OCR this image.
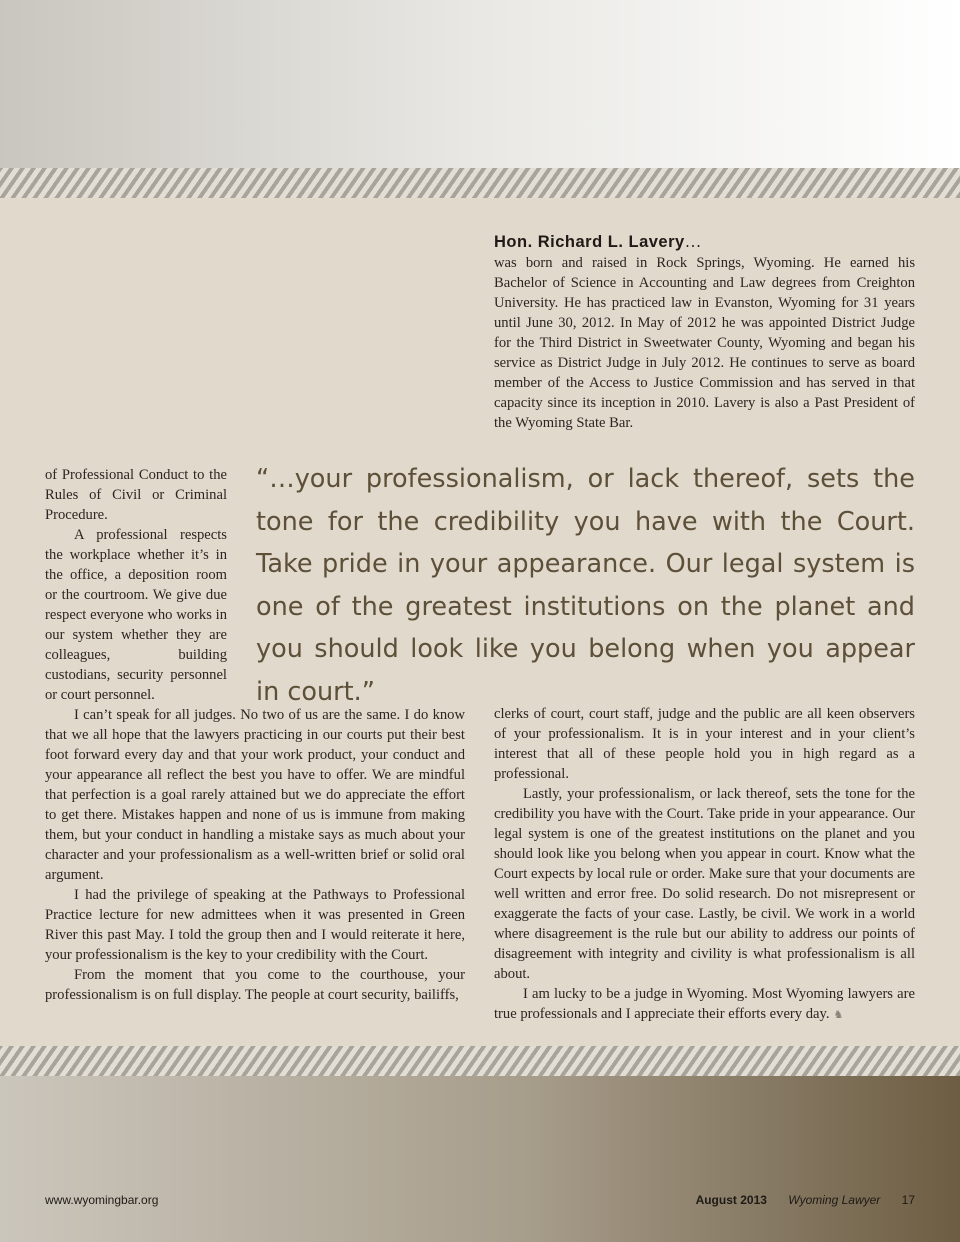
Hon. Richard L. Lavery…
was born and raised in Rock Springs, Wyoming. He earned his Bachelor of Science in Accounting and Law degrees from Creighton University. He has practiced law in Evanston, Wyoming for 31 years until June 30, 2012. In May of 2012 he was appointed District Judge for the Third District in Sweetwater County, Wyoming and began his service as District Judge in July 2012. He continues to serve as board member of the Access to Justice Commission and has served in that capacity since its inception in 2010. Lavery is also a Past President of the Wyoming State Bar.

of Professional Conduct to the Rules of Civil or Criminal Procedure.

A professional respects the workplace whether it’s in the office, a deposition room or the courtroom. We give due respect everyone who works in our system whether they are colleagues, building custodians, security personnel or court personnel.

“…your professionalism, or lack thereof, sets the tone for the credibility you have with the Court. Take pride in your appearance. Our legal system is one of the greatest institutions on the planet and you should look like you belong when you appear in court.”

I can’t speak for all judges. No two of us are the same. I do know that we all hope that the lawyers practicing in our courts put their best foot forward every day and that your work product, your conduct and your appearance all reflect the best you have to offer. We are mindful that perfection is a goal rarely attained but we do appreciate the effort to get there. Mistakes happen and none of us is immune from making them, but your conduct in handling a mistake says as much about your character and your professionalism as a well-written brief or solid oral argument.

I had the privilege of speaking at the Pathways to Professional Practice lecture for new admittees when it was presented in Green River this past May. I told the group then and I would reiterate it here, your professionalism is the key to your credibility with the Court.

From the moment that you come to the courthouse, your professionalism is on full display. The people at court security, bailiffs,

clerks of court, court staff, judge and the public are all keen observers of your professionalism. It is in your interest and in your client’s interest that all of these people hold you in high regard as a professional.

Lastly, your professionalism, or lack thereof, sets the tone for the credibility you have with the Court. Take pride in your appearance. Our legal system is one of the greatest institutions on the planet and you should look like you belong when you appear in court. Know what the Court expects by local rule or order. Make sure that your documents are well written and error free. Do solid research. Do not misrepresent or exaggerate the facts of your case. Lastly, be civil. We work in a world where disagreement is the rule but our ability to address our points of disagreement with integrity and civility is what professionalism is all about.

I am lucky to be a judge in Wyoming. Most Wyoming lawyers are true professionals and I appreciate their efforts every day. ♞

www.wyomingbar.org	August 2013 Wyoming Lawyer 17
